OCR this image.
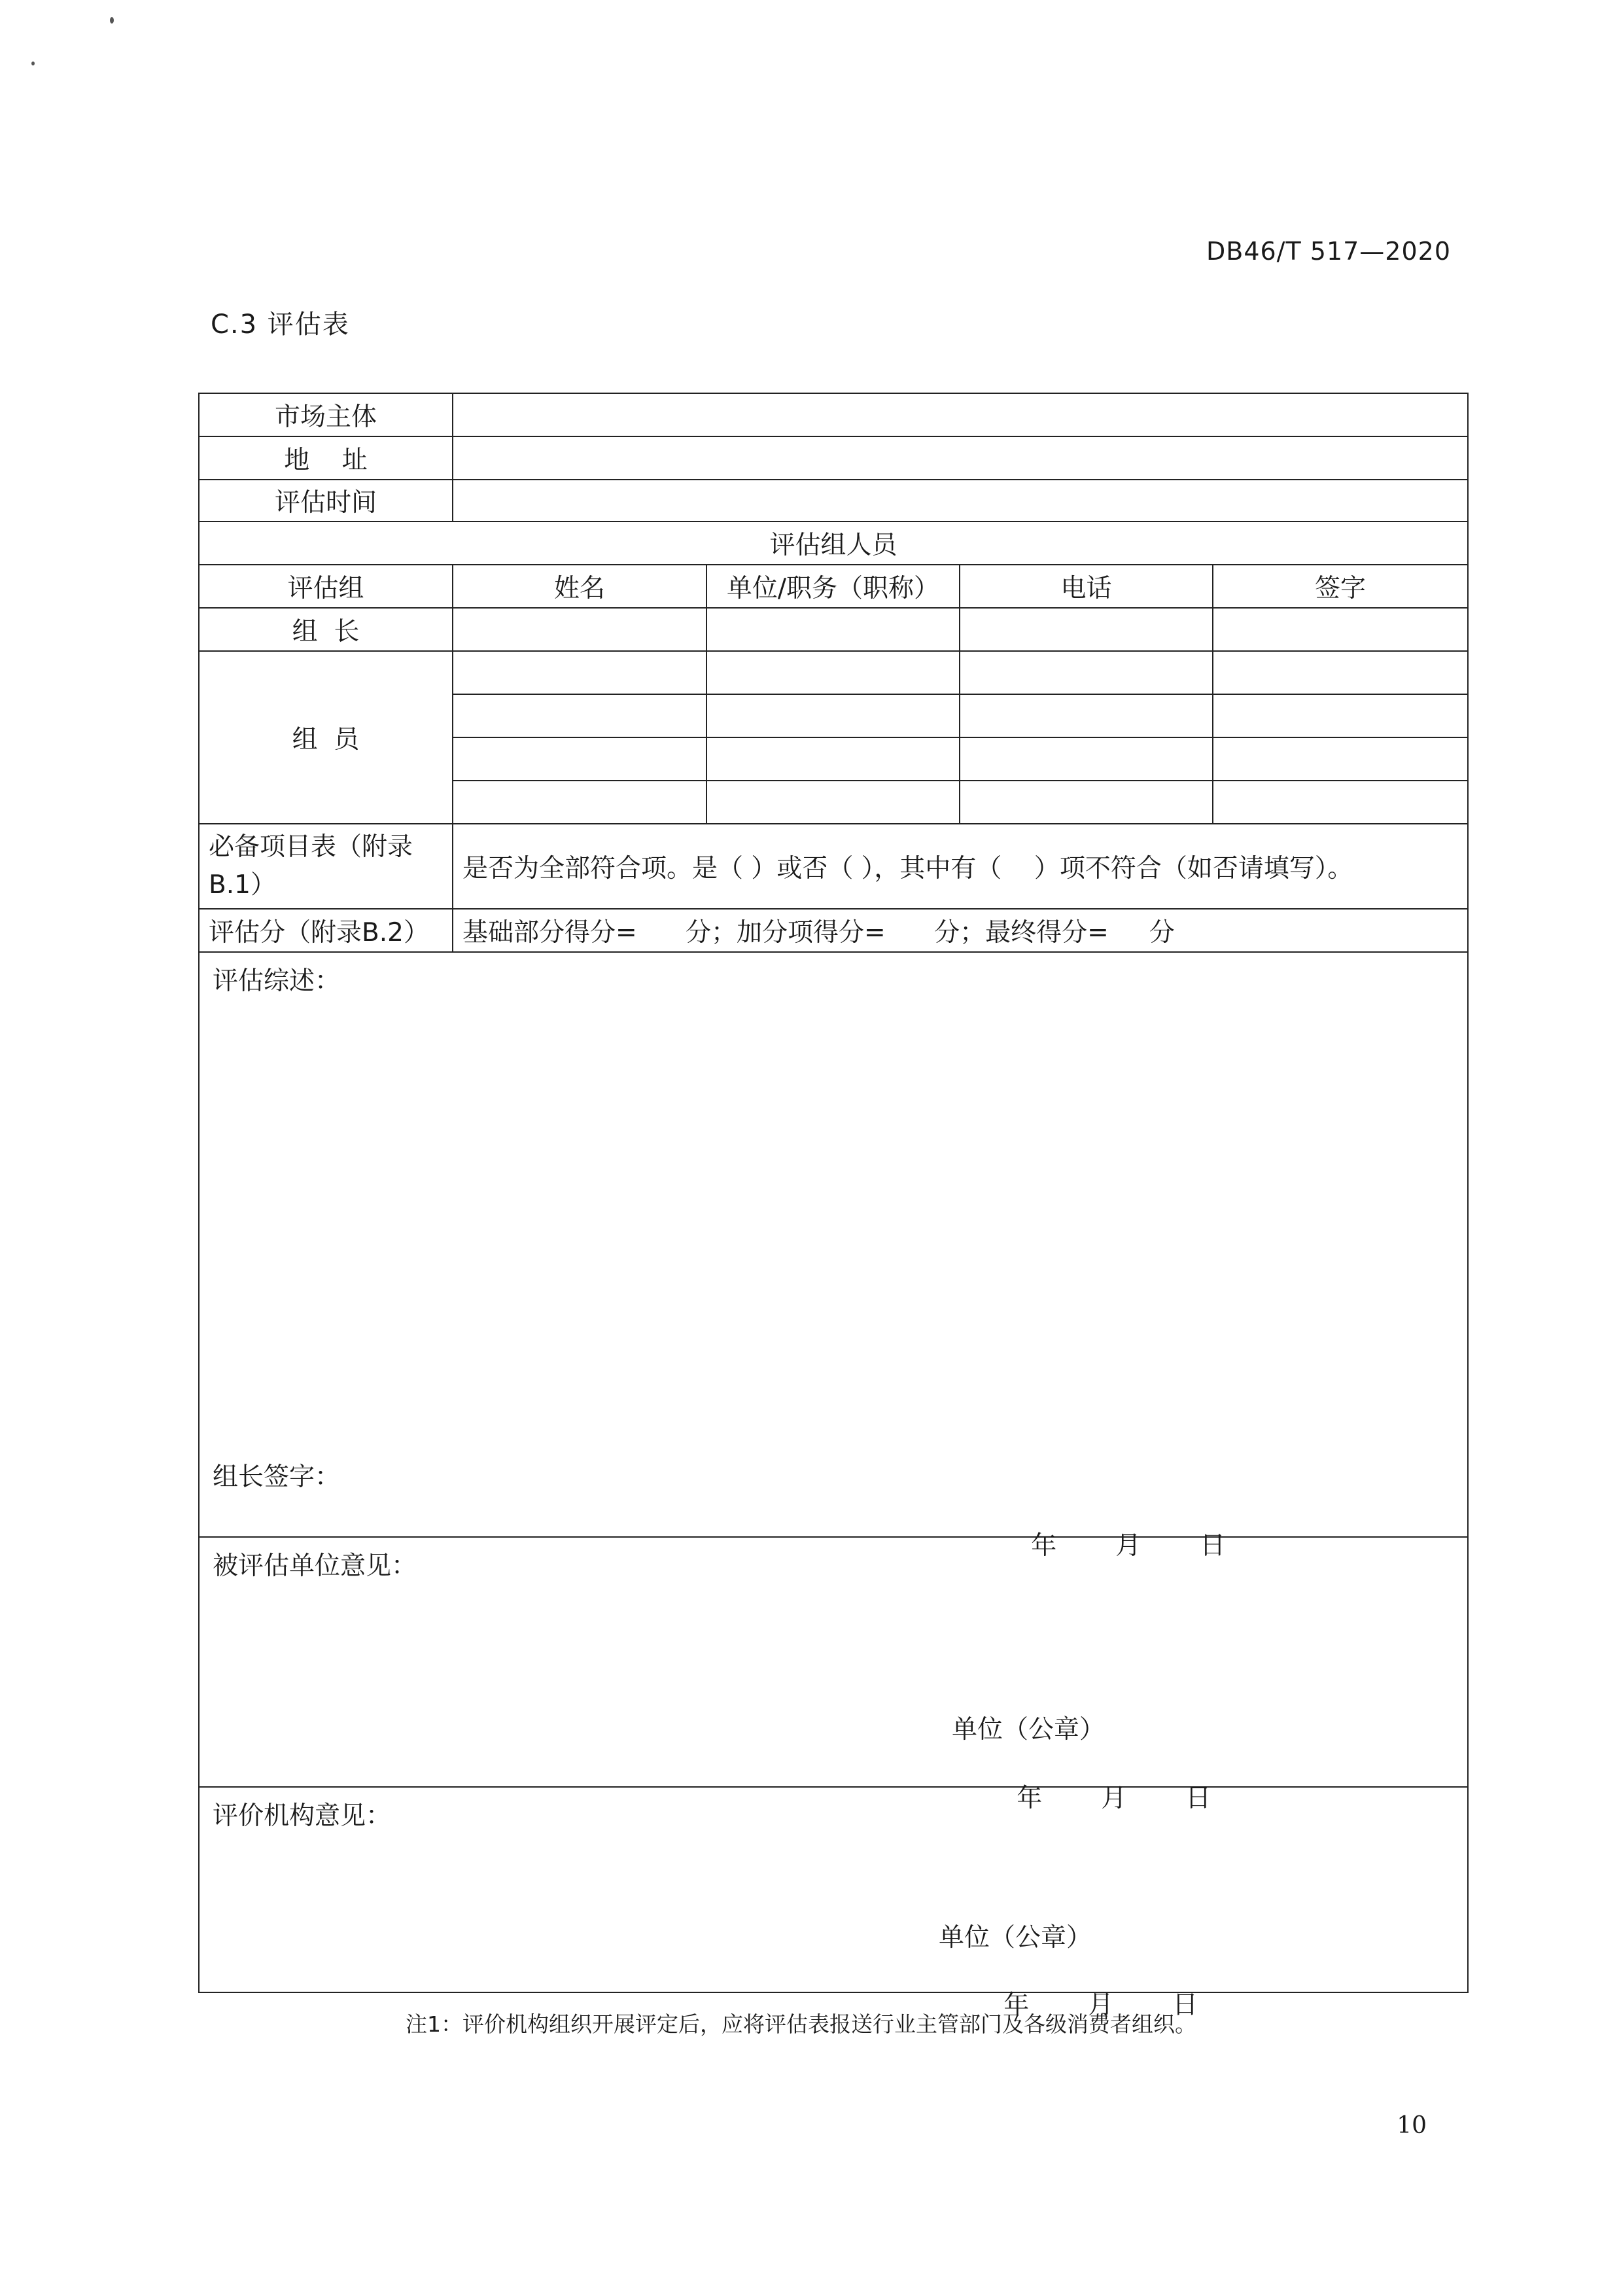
DB46/T 517—2020
C.3 评估表
市场主体				
地    址				
评估时间				
评估组人员				
评估组	姓名	单位/职务（职称）	电话	签字
组  长				
组  员				

必备项目表（附录B.1）	是否为全部符合项。是（ ）或否（ ），其中有（    ）项不符合（如否请填写）。			
评估分（附录B.2）	基础部分得分=      分；加分项得分=      分；最终得分=     分			

评估综述：
组长签字：

年 月 日				

被评估单位意见：
单位（公章）

年 月 日				

评价机构意见：
单位（公章）

年 月 日				

注1：评价机构组织开展评定后，应将评估表报送行业主管部门及各级消费者组织。
10
